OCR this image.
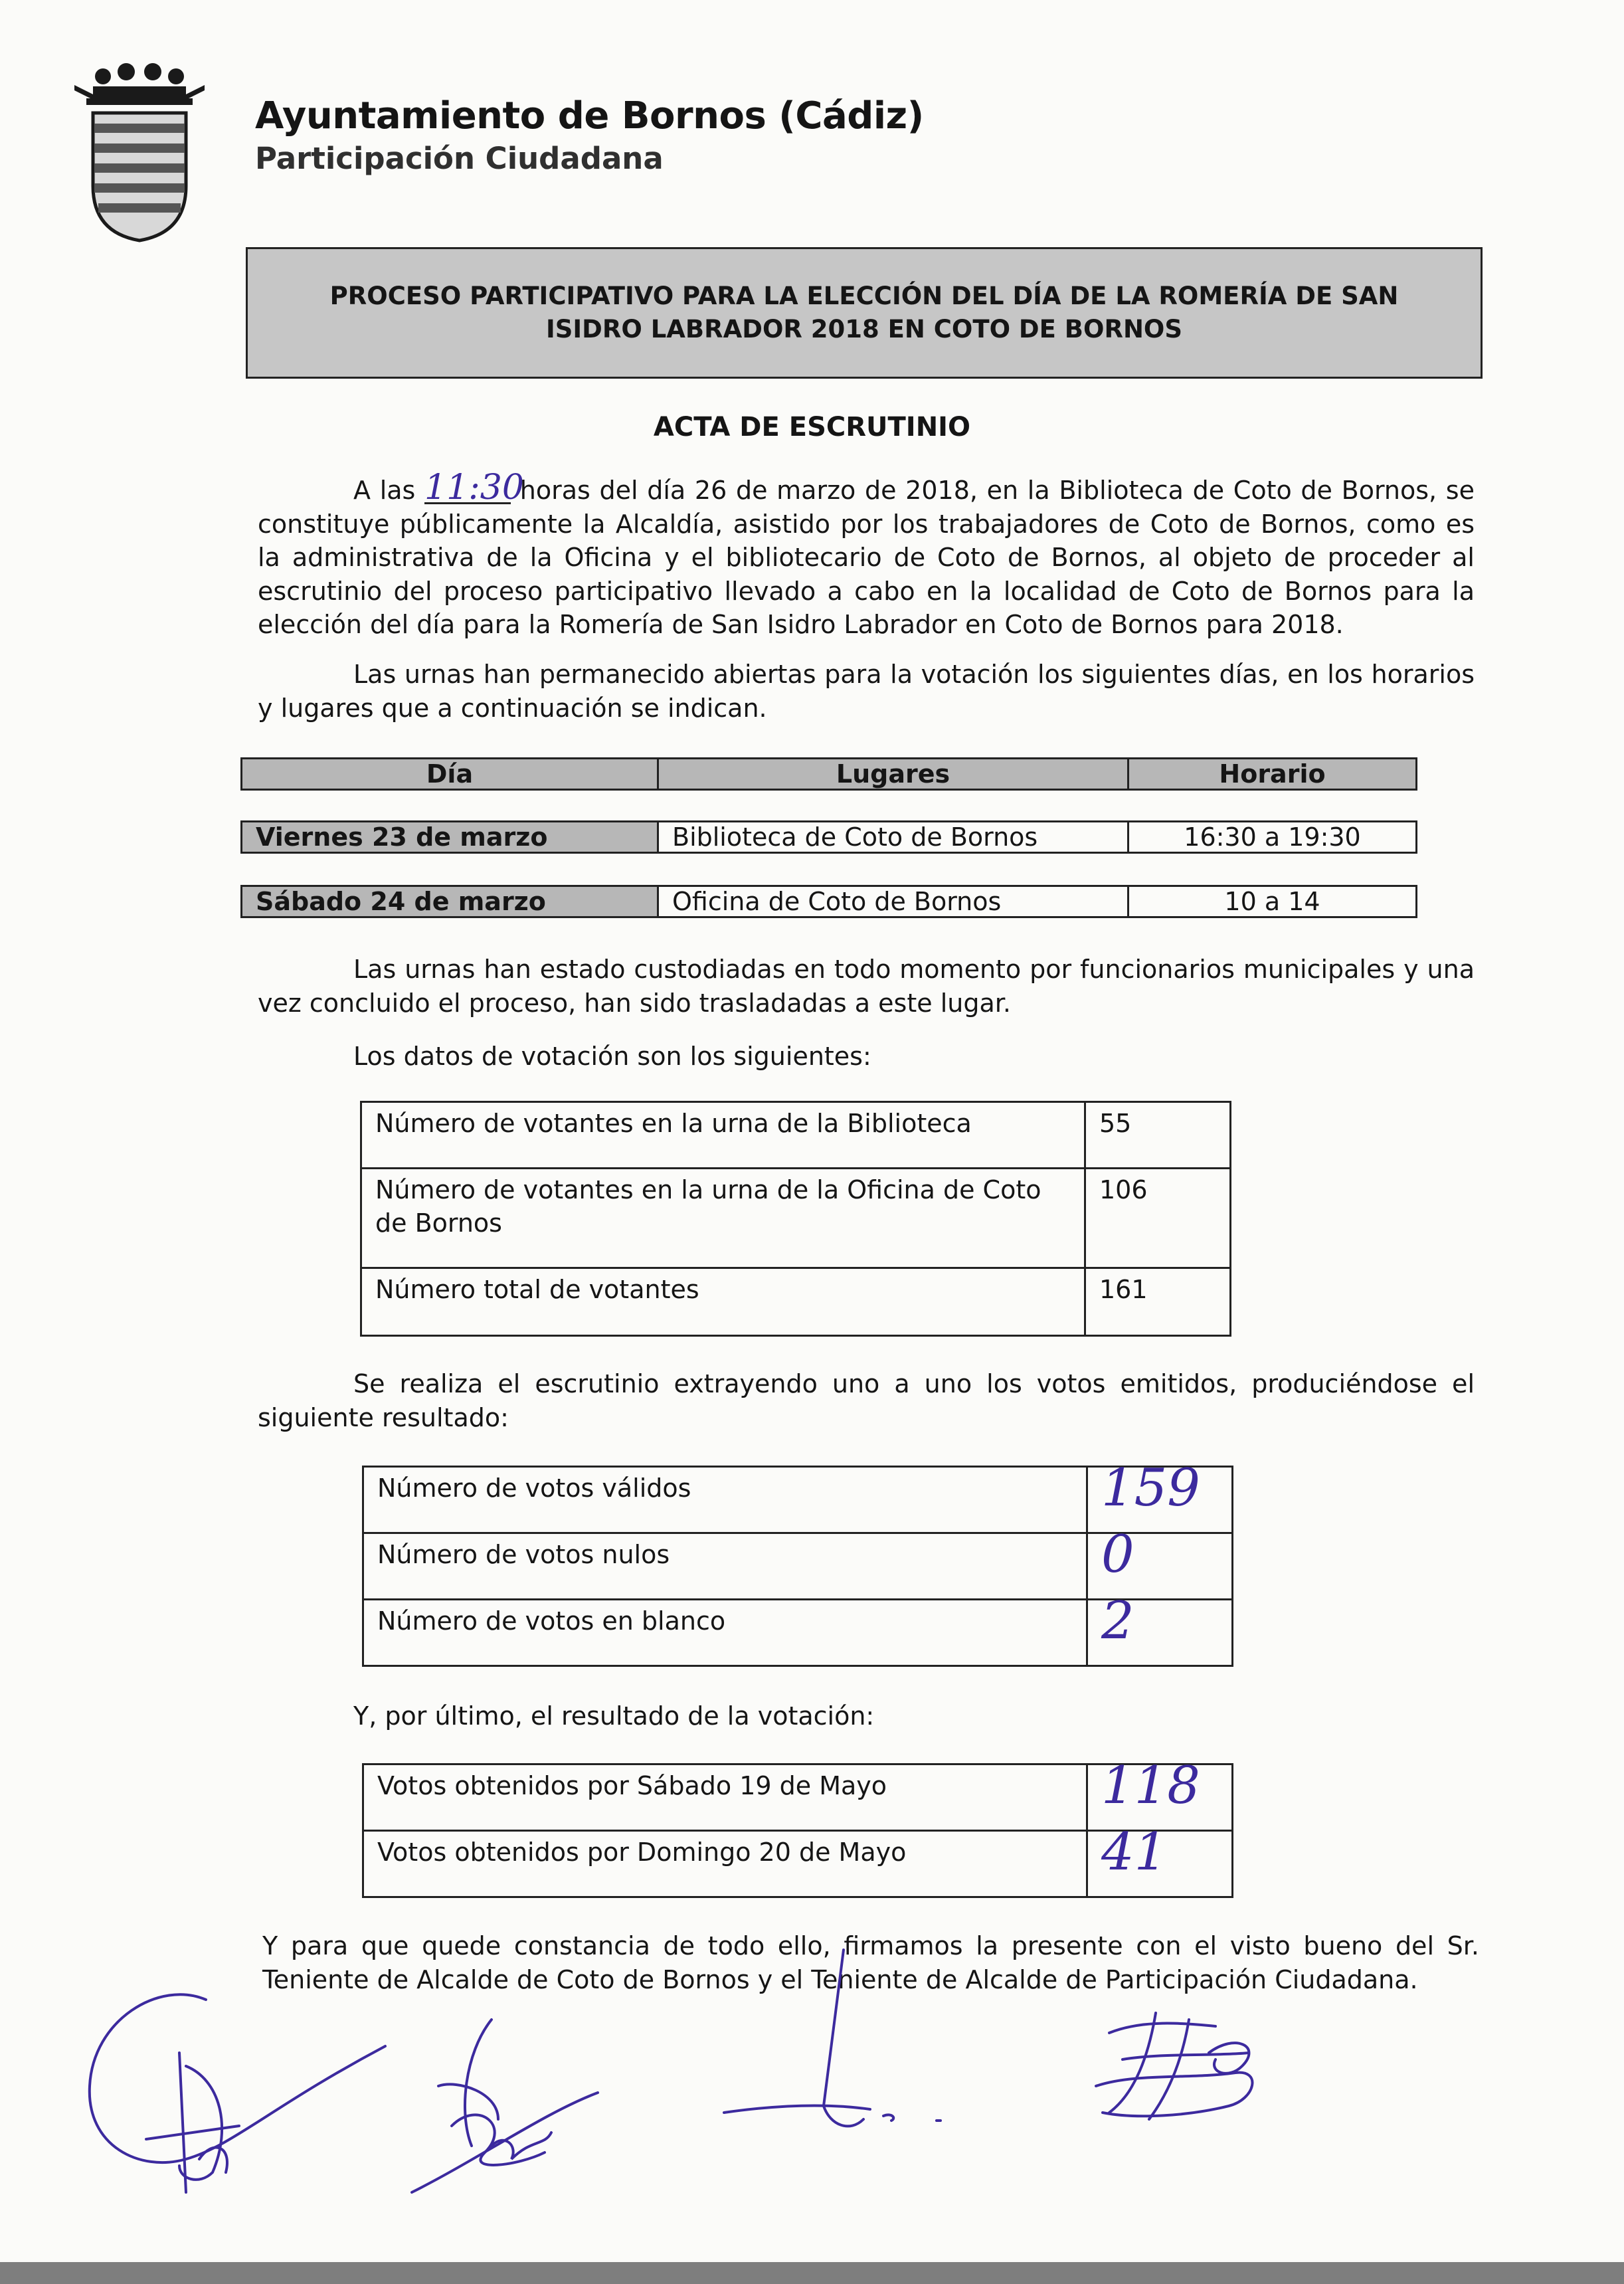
Ayuntamiento de Bornos (Cádiz)
Participación Ciudadana
PROCESO PARTICIPATIVO PARA LA ELECCIÓN DEL DÍA DE LA ROMERÍA DE SAN
ISIDRO LABRADOR 2018 EN COTO DE BORNOS
ACTA DE ESCRUTINIO
A las 11:30 horas del día 26 de marzo de 2018, en la Biblioteca de Coto de Bornos, se constituye públicamente la Alcaldía, asistido por los trabajadores de Coto de Bornos, como es la administrativa de la Oficina y el bibliotecario de Coto de Bornos, al objeto de proceder al escrutinio del proceso participativo llevado a cabo en la localidad de Coto de Bornos para la elección del día para la Romería de San Isidro Labrador en Coto de Bornos para 2018.
Las urnas han permanecido abiertas para la votación los siguientes días, en los horarios y lugares que a continuación se indican.
Día	Lugares	Horario
Viernes 23 de marzo	Biblioteca de Coto de Bornos	16:30 a 19:30
Sábado 24 de marzo	Oficina de Coto de Bornos	10 a 14
Las urnas han estado custodiadas en todo momento por funcionarios municipales y una vez concluido el proceso, han sido trasladadas a este lugar.
Los datos de votación son los siguientes:
Número de votantes en la urna de la Biblioteca	55
Número de votantes en la urna de la Oficina de Coto de Bornos	106
Número total de votantes	161
Se realiza el escrutinio extrayendo uno a uno los votos emitidos, produciéndose el siguiente resultado:
Número de votos válidos	159
Número de votos nulos	0
Número de votos en blanco	2
Y, por último, el resultado de la votación:
Votos obtenidos por Sábado 19 de Mayo	118
Votos obtenidos por Domingo 20 de Mayo	41
Y para que quede constancia de todo ello, firmamos la presente con el visto bueno del Sr. Teniente de Alcalde de Coto de Bornos y el Teniente de Alcalde de Participación Ciudadana.
